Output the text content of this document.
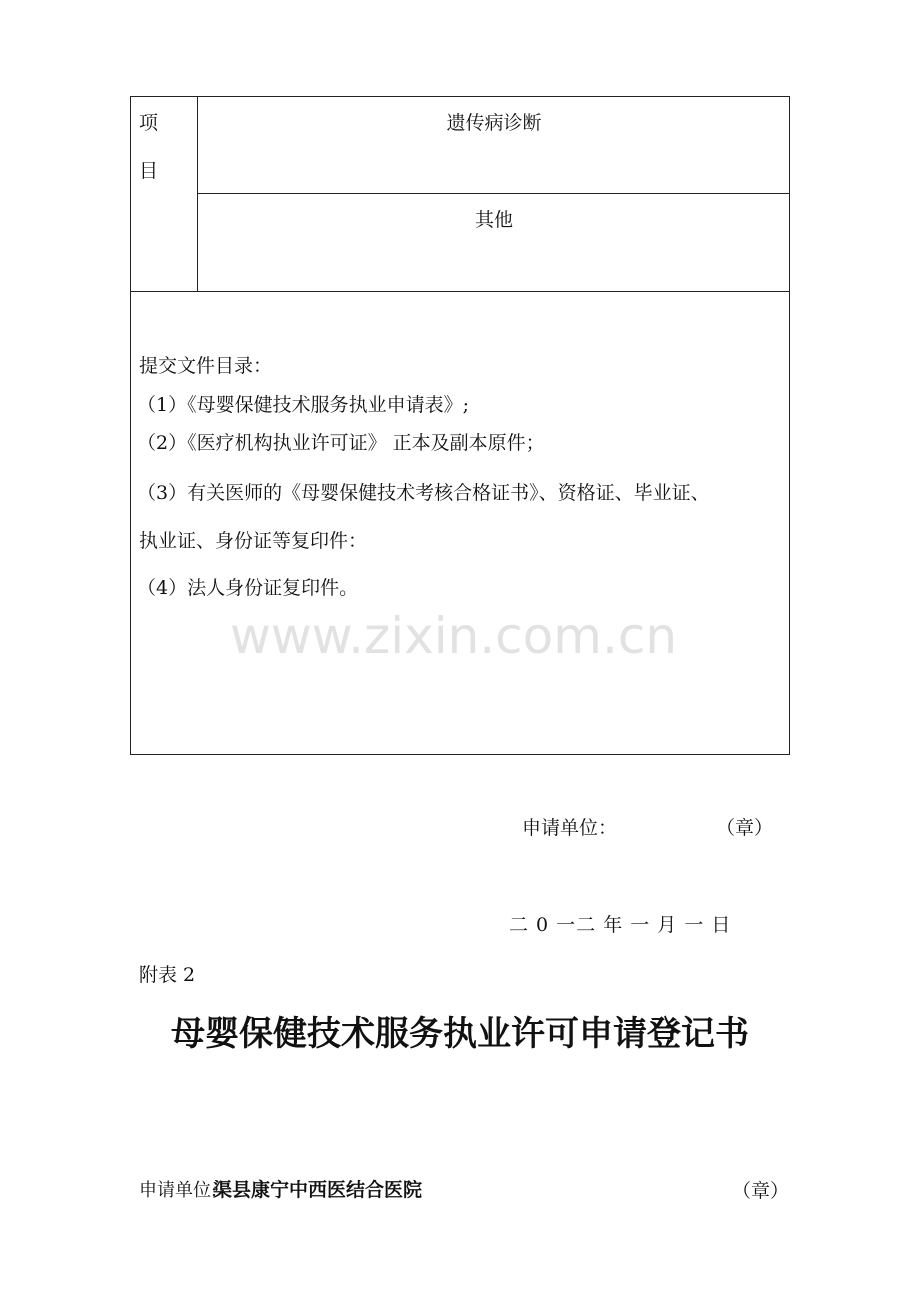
项
目
遗传病诊断
其他
提交文件目录：
（1）《母婴保健技术服务执业申请表》;
（2）《医疗机构执业许可证》 正本及副本原件；
（3）有关医师的《母婴保健技术考核合格证书》、资格证、毕业证、
执业证、身份证等复印件：
（4）法人身份证复印件。
www.zixin.com.cn
申请单位：	（章）
二 0 一二 年 一 月 一 日
附表 2
母婴保健技术服务执业许可申请登记书
申请单位:
渠县康宁中西医结合医院	（章）
